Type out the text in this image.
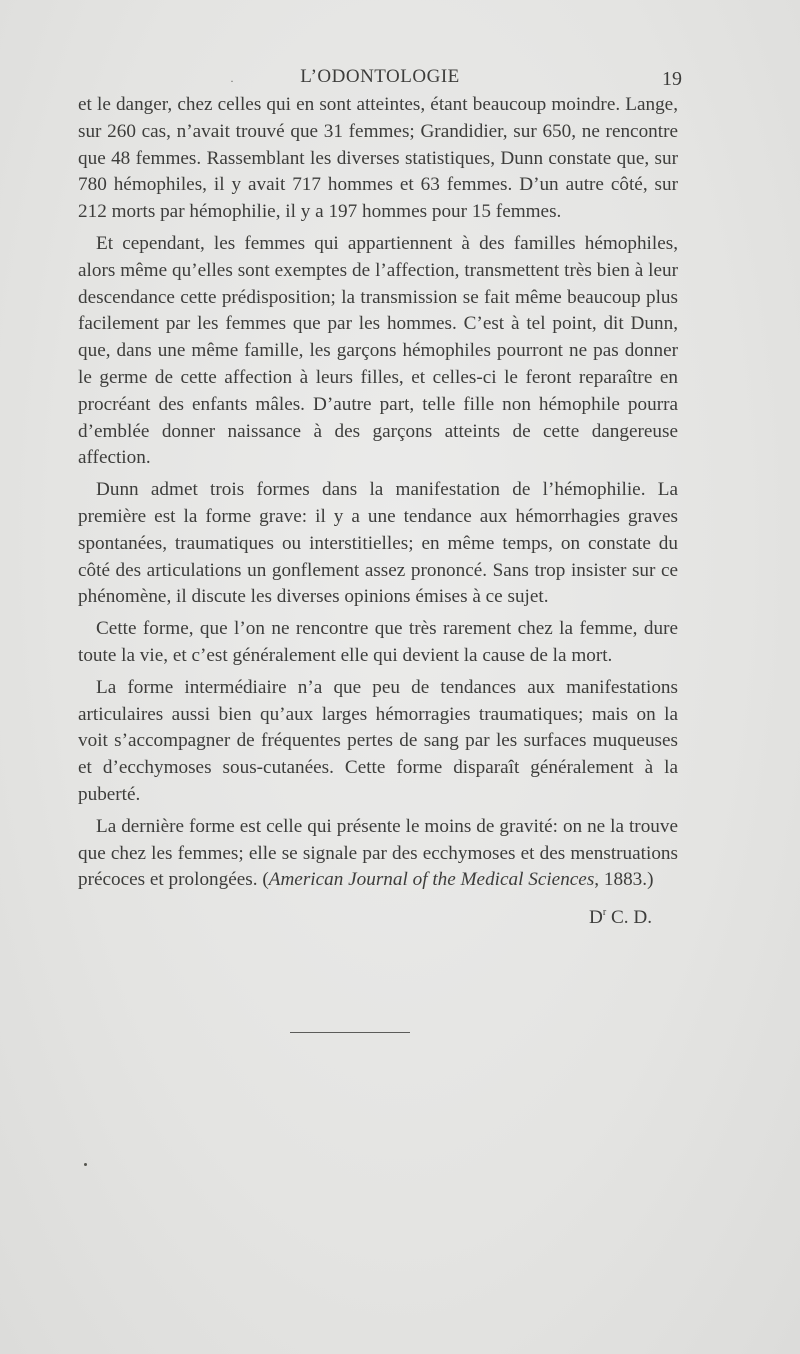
·	L’ODONTOLOGIE	19

et le danger, chez celles qui en sont atteintes, étant beaucoup moindre. Lange, sur 260 cas, n’avait trouvé que 31 femmes; Grandidier, sur 650, ne rencontre que 48 femmes. Rassemblant les diverses statistiques, Dunn constate que, sur 780 hémophiles, il y avait 717 hommes et 63 femmes. D’un autre côté, sur 212 morts par hémophilie, il y a 197 hommes pour 15 femmes.

Et cependant, les femmes qui appartiennent à des familles hémophiles, alors même qu’elles sont exemptes de l’affection, transmettent très bien à leur descendance cette prédisposition; la transmission se fait même beaucoup plus facilement par les femmes que par les hommes. C’est à tel point, dit Dunn, que, dans une même famille, les garçons hémophiles pourront ne pas donner le germe de cette affection à leurs filles, et celles-ci le feront reparaître en procréant des enfants mâles. D’autre part, telle fille non hémophile pourra d’emblée donner naissance à des garçons atteints de cette dangereuse affection.

Dunn admet trois formes dans la manifestation de l’hémophilie. La première est la forme grave: il y a une tendance aux hémorrhagies graves spontanées, traumatiques ou interstitielles; en même temps, on constate du côté des articulations un gonflement assez prononcé. Sans trop insister sur ce phénomène, il discute les diverses opinions émises à ce sujet.

Cette forme, que l’on ne rencontre que très rarement chez la femme, dure toute la vie, et c’est généralement elle qui devient la cause de la mort.

La forme intermédiaire n’a que peu de tendances aux manifestations articulaires aussi bien qu’aux larges hémorragies traumatiques; mais on la voit s’accompagner de fréquentes pertes de sang par les surfaces muqueuses et d’ecchymoses sous-cutanées. Cette forme disparaît généralement à la puberté.

La dernière forme est celle qui présente le moins de gravité: on ne la trouve que chez les femmes; elle se signale par des ecchymoses et des menstruations précoces et prolongées. (American Journal of the Medical Sciences, 1883.)

$D^r$ C. D.
